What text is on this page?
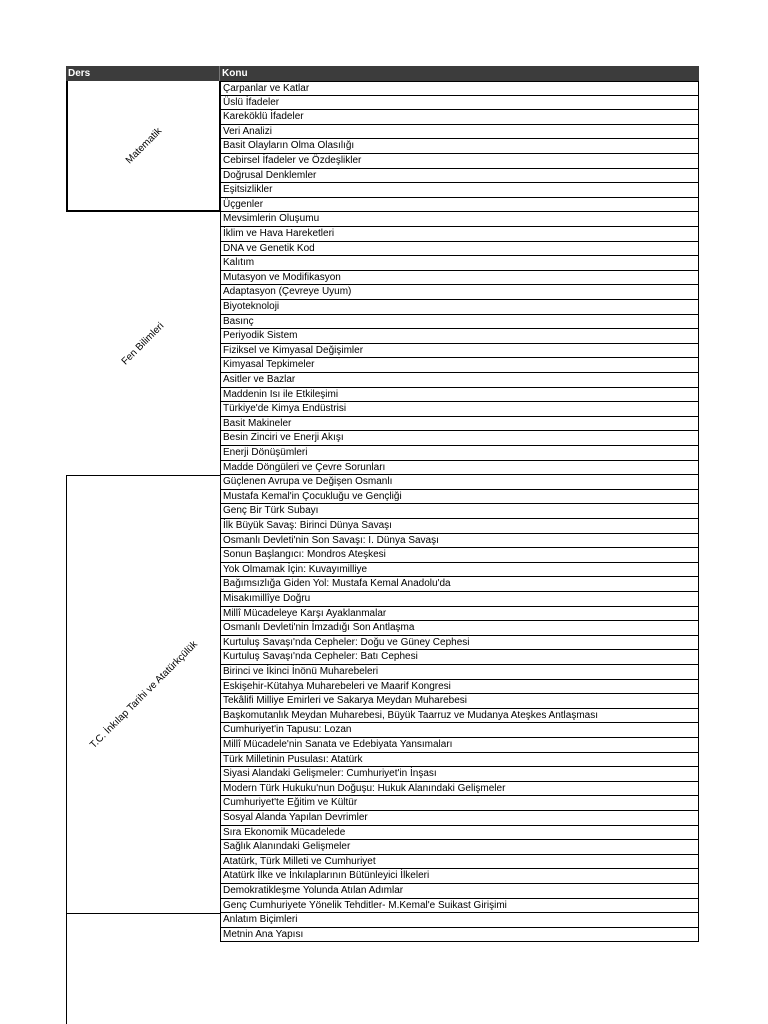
Ders	Konu
Matematik
Çarpanlar ve Katlar
Üslü İfadeler
Kareköklü İfadeler
Veri Analizi
Basit Olayların Olma Olasılığı
Cebirsel İfadeler ve Özdeşlikler
Doğrusal Denklemler
Eşitsizlikler
Üçgenler
Fen Bilimleri
Mevsimlerin Oluşumu
İklim ve Hava Hareketleri
DNA ve Genetik Kod
Kalıtım
Mutasyon ve Modifikasyon
Adaptasyon (Çevreye Uyum)
Biyoteknoloji
Basınç
Periyodik Sistem
Fiziksel ve Kimyasal Değişimler
Kimyasal Tepkimeler
Asitler ve Bazlar
Maddenin Isı ile Etkileşimi
Türkiye'de Kimya Endüstrisi
Basit Makineler
Besin Zinciri ve Enerji Akışı
Enerji Dönüşümleri
Madde Döngüleri ve Çevre Sorunları
T.C. İnkılap Tarihi ve Atatürkçülük
Güçlenen Avrupa ve Değişen Osmanlı
Mustafa Kemal'in Çocukluğu ve Gençliği
Genç Bir Türk Subayı
İlk Büyük Savaş: Birinci Dünya Savaşı
Osmanlı Devleti'nin Son Savaşı: I. Dünya Savaşı
Sonun Başlangıcı: Mondros Ateşkesi
Yok Olmamak İçin: Kuvayımilliye
Bağımsızlığa Giden Yol: Mustafa Kemal Anadolu'da
Misakımillîye Doğru
Millî Mücadeleye Karşı Ayaklanmalar
Osmanlı Devleti'nin İmzadığı Son Antlaşma
Kurtuluş Savaşı'nda Cepheler: Doğu ve Güney Cephesi
Kurtuluş Savaşı'nda Cepheler: Batı Cephesi
Birinci ve İkinci İnönü Muharebeleri
Eskişehir-Kütahya Muharebeleri ve Maarif Kongresi
Tekâlifi Milliye Emirleri ve Sakarya Meydan Muharebesi
Başkomutanlık Meydan Muharebesi, Büyük Taarruz ve Mudanya Ateşkes Antlaşması
Cumhuriyet'in Tapusu: Lozan
Millî Mücadele'nin Sanata ve Edebiyata Yansımaları
Türk Milletinin Pusulası: Atatürk
Siyasi Alandaki Gelişmeler: Cumhuriyet'in İnşası
Modern Türk Hukuku'nun Doğuşu: Hukuk Alanındaki Gelişmeler
Cumhuriyet'te Eğitim ve Kültür
Sosyal Alanda Yapılan Devrimler
Sıra Ekonomik Mücadelede
Sağlık Alanındaki Gelişmeler
Atatürk, Türk Milleti ve Cumhuriyet
Atatürk İlke ve İnkılaplarının Bütünleyici İlkeleri
Demokratikleşme Yolunda Atılan Adımlar
Genç Cumhuriyete Yönelik Tehditler- M.Kemal'e Suikast Girişimi
Anlatım Biçimleri
Metnin Ana Yapısı
